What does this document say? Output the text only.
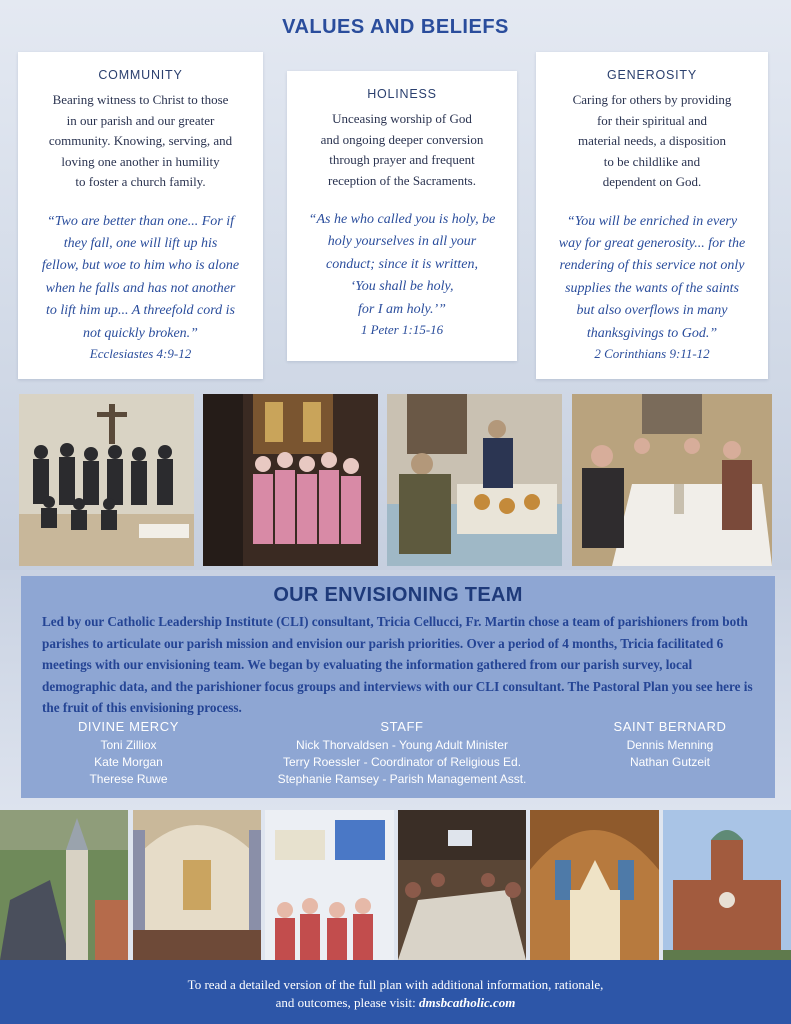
VALUES AND BELIEFS
COMMUNITY
Bearing witness to Christ to those
in our parish and our greater
community. Knowing, serving, and
loving one another in humility
to foster a church family.
“Two are better than one... For if
they fall, one will lift up his
fellow, but woe to him who is alone
when he falls and has not another
to lift him up... A threefold cord is
not quickly broken.”
Ecclesiastes 4:9-12
HOLINESS
Unceasing worship of God
and ongoing deeper conversion
through prayer and frequent
reception of the Sacraments.
“As he who called you is holy, be
holy yourselves in all your
conduct; since it is written,
‘You shall be holy,
for I am holy.’”
1 Peter 1:15-16
GENEROSITY
Caring for others by providing
for their spiritual and
material needs, a disposition
to be childlike and
dependent on God.
“You will be enriched in every
way for great generosity... for the
rendering of this service not only
supplies the wants of the saints
but also overflows in many
thanksgivings to God.”
2 Corinthians 9:11-12
OUR ENVISIONING TEAM

Led by our Catholic Leadership Institute (CLI) consultant, Tricia Cellucci, Fr. Martin chose a team of parishioners from both parishes to articulate our parish mission and envision our parish priorities. Over a period of 4 months, Tricia facilitated 6 meetings with our envisioning team. We began by evaluating the information gathered from our parish survey, local demographic data, and the parishioner focus groups and interviews with our CLI consultant. The Pastoral Plan you see here is the fruit of this envisioning process.

DIVINE MERCY
Toni Zilliox
Kate Morgan
Therese Ruwe
STAFF
Nick Thorvaldsen - Young Adult Minister
Terry Roessler - Coordinator of Religious Ed.
Stephanie Ramsey - Parish Management Asst.
SAINT BERNARD
Dennis Menning
Nathan Gutzeit
To read a detailed version of the full plan with additional information, rationale,
and outcomes, please visit: dmsbcatholic.com
